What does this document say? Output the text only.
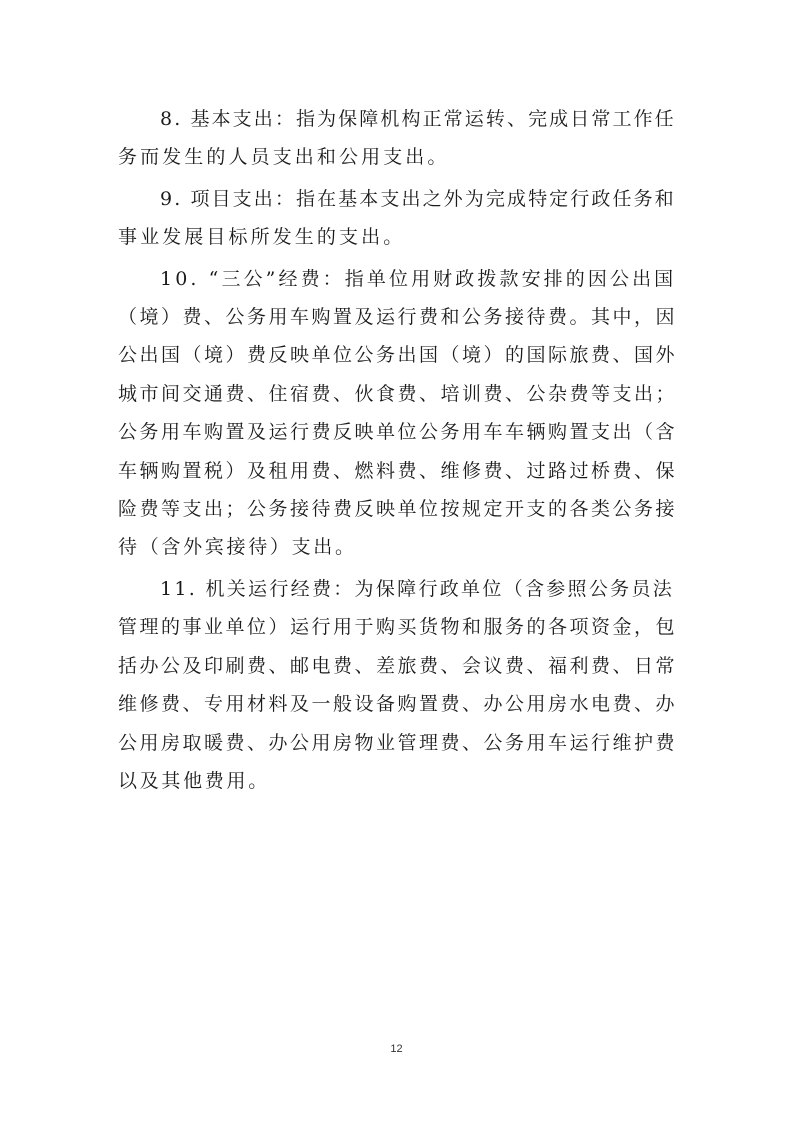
8. 基本支出：指为保障机构正常运转、完成日常工作任
务而发生的人员支出和公用支出。
9. 项目支出：指在基本支出之外为完成特定行政任务和
事业发展目标所发生的支出。
10. “三公”经费：指单位用财政拨款安排的因公出国
（境）费、公务用车购置及运行费和公务接待费。其中，因
公出国（境）费反映单位公务出国（境）的国际旅费、国外
城市间交通费、住宿费、伙食费、培训费、公杂费等支出；
公务用车购置及运行费反映单位公务用车车辆购置支出（含
车辆购置税）及租用费、燃料费、维修费、过路过桥费、保
险费等支出；公务接待费反映单位按规定开支的各类公务接
待（含外宾接待）支出。
11. 机关运行经费：为保障行政单位（含参照公务员法
管理的事业单位）运行用于购买货物和服务的各项资金，包
括办公及印刷费、邮电费、差旅费、会议费、福利费、日常
维修费、专用材料及一般设备购置费、办公用房水电费、办
公用房取暖费、办公用房物业管理费、公务用车运行维护费
以及其他费用。
12
